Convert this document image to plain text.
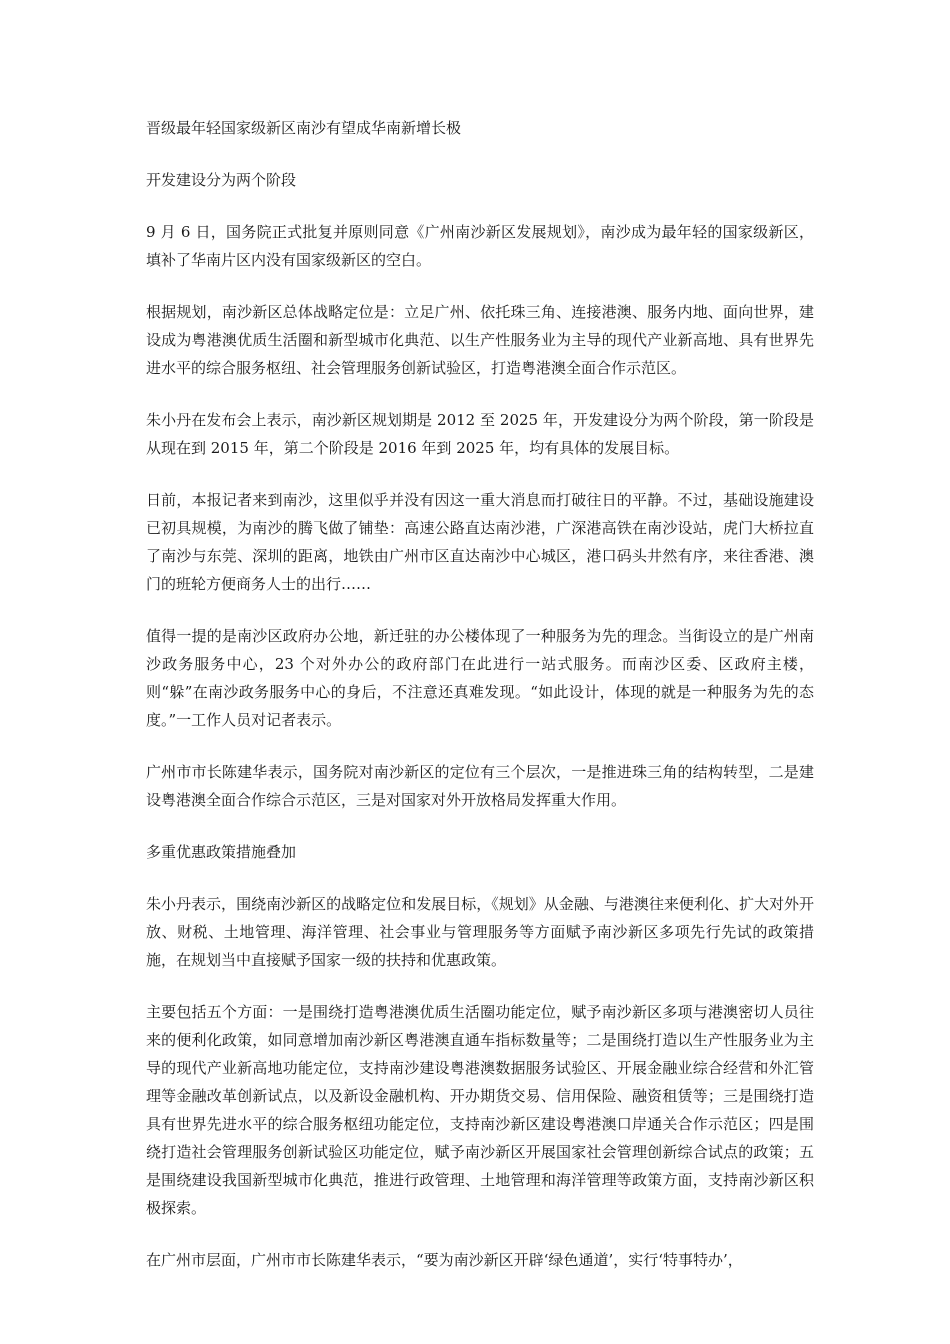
晋级最年轻国家级新区南沙有望成华南新增长极

开发建设分为两个阶段

9 月 6 日，国务院正式批复并原则同意《广州南沙新区发展规划》，南沙成为最年轻的国家级新区，填补了华南片区内没有国家级新区的空白。

根据规划，南沙新区总体战略定位是：立足广州、依托珠三角、连接港澳、服务内地、面向世界，建设成为粤港澳优质生活圈和新型城市化典范、以生产性服务业为主导的现代产业新高地、具有世界先进水平的综合服务枢纽、社会管理服务创新试验区，打造粤港澳全面合作示范区。

朱小丹在发布会上表示，南沙新区规划期是 2012 至 2025 年，开发建设分为两个阶段，第一阶段是从现在到 2015 年，第二个阶段是 2016 年到 2025 年，均有具体的发展目标。

日前，本报记者来到南沙，这里似乎并没有因这一重大消息而打破往日的平静。不过，基础设施建设已初具规模，为南沙的腾飞做了铺垫：高速公路直达南沙港，广深港高铁在南沙设站，虎门大桥拉直了南沙与东莞、深圳的距离，地铁由广州市区直达南沙中心城区，港口码头井然有序，来往香港、澳门的班轮方便商务人士的出行……

值得一提的是南沙区政府办公地，新迁驻的办公楼体现了一种服务为先的理念。当街设立的是广州南沙政务服务中心，23 个对外办公的政府部门在此进行一站式服务。而南沙区委、区政府主楼，则“躲”在南沙政务服务中心的身后，不注意还真难发现。“如此设计，体现的就是一种服务为先的态度。”一工作人员对记者表示。

广州市市长陈建华表示，国务院对南沙新区的定位有三个层次，一是推进珠三角的结构转型，二是建设粤港澳全面合作综合示范区，三是对国家对外开放格局发挥重大作用。

多重优惠政策措施叠加

朱小丹表示，围绕南沙新区的战略定位和发展目标，《规划》从金融、与港澳往来便利化、扩大对外开放、财税、土地管理、海洋管理、社会事业与管理服务等方面赋予南沙新区多项先行先试的政策措施，在规划当中直接赋予国家一级的扶持和优惠政策。

主要包括五个方面：一是围绕打造粤港澳优质生活圈功能定位，赋予南沙新区多项与港澳密切人员往来的便利化政策，如同意增加南沙新区粤港澳直通车指标数量等；二是围绕打造以生产性服务业为主导的现代产业新高地功能定位，支持南沙建设粤港澳数据服务试验区、开展金融业综合经营和外汇管理等金融改革创新试点，以及新设金融机构、开办期货交易、信用保险、融资租赁等；三是围绕打造具有世界先进水平的综合服务枢纽功能定位，支持南沙新区建设粤港澳口岸通关合作示范区；四是围绕打造社会管理服务创新试验区功能定位，赋予南沙新区开展国家社会管理创新综合试点的政策；五是围绕建设我国新型城市化典范，推进行政管理、土地管理和海洋管理等政策方面，支持南沙新区积极探索。

在广州市层面，广州市市长陈建华表示，“要为南沙新区开辟‘绿色通道’，实行‘特事特办’，
